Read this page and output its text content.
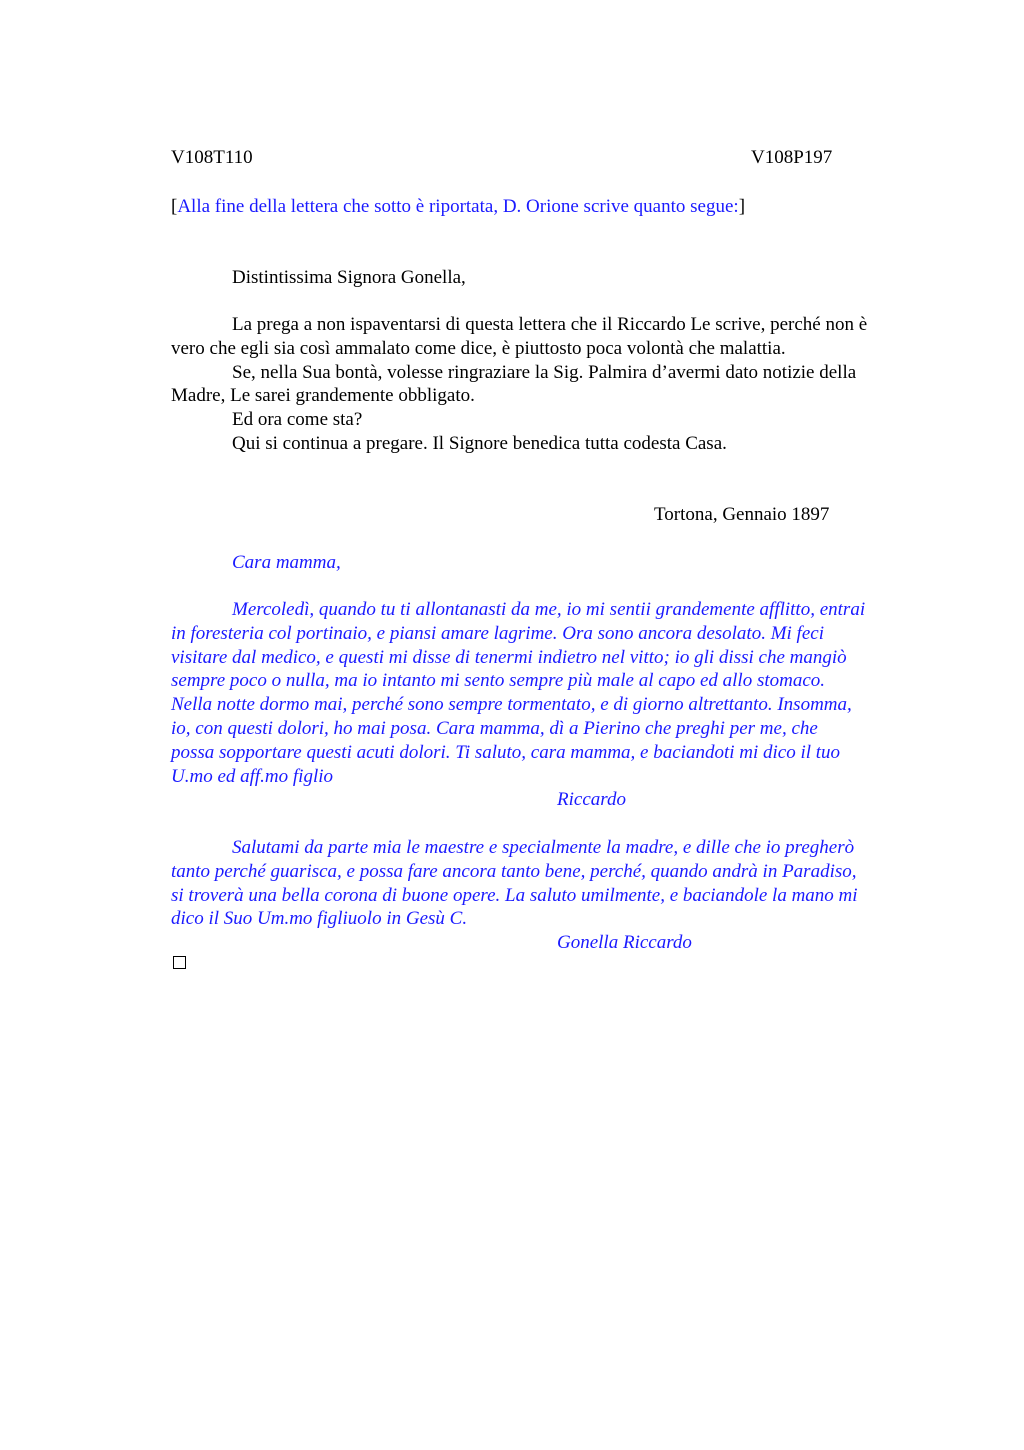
V108T110	V108P197
[Alla fine della lettera che sotto è riportata, D. Orione scrive quanto segue:]
Distintissima Signora Gonella,
La prega a non ispaventarsi di questa lettera che il Riccardo Le scrive, perché non è
vero che egli sia così ammalato come dice, è piuttosto poca volontà che malattia.
Se, nella Sua bontà, volesse ringraziare la Sig. Palmira d’avermi dato notizie della
Madre, Le sarei grandemente obbligato.
Ed ora come sta?
Qui si continua a pregare. Il Signore benedica tutta codesta Casa.
Tortona, Gennaio 1897
Cara mamma,
Mercoledì, quando tu ti allontanasti da me, io mi sentii grandemente afflitto, entrai
in foresteria col portinaio, e piansi amare lagrime. Ora sono ancora desolato. Mi feci
visitare dal medico, e questi mi disse di tenermi indietro nel vitto; io gli dissi che mangiò
sempre poco o nulla, ma io intanto mi sento sempre più male al capo ed allo stomaco.
Nella notte dormo mai, perché sono sempre tormentato, e di giorno altrettanto. Insomma,
io, con questi dolori, ho mai posa. Cara mamma, dì a Pierino che preghi per me, che
possa sopportare questi acuti dolori. Ti saluto, cara mamma, e baciandoti mi dico il tuo
U.mo ed aff.mo figlio
Riccardo
Salutami da parte mia le maestre e specialmente la madre, e dille che io pregherò
tanto perché guarisca, e possa fare ancora tanto bene, perché, quando andrà in Paradiso,
si troverà una bella corona di buone opere. La saluto umilmente, e baciandole la mano mi
dico il Suo Um.mo figliuolo in Gesù C.
Gonella Riccardo
